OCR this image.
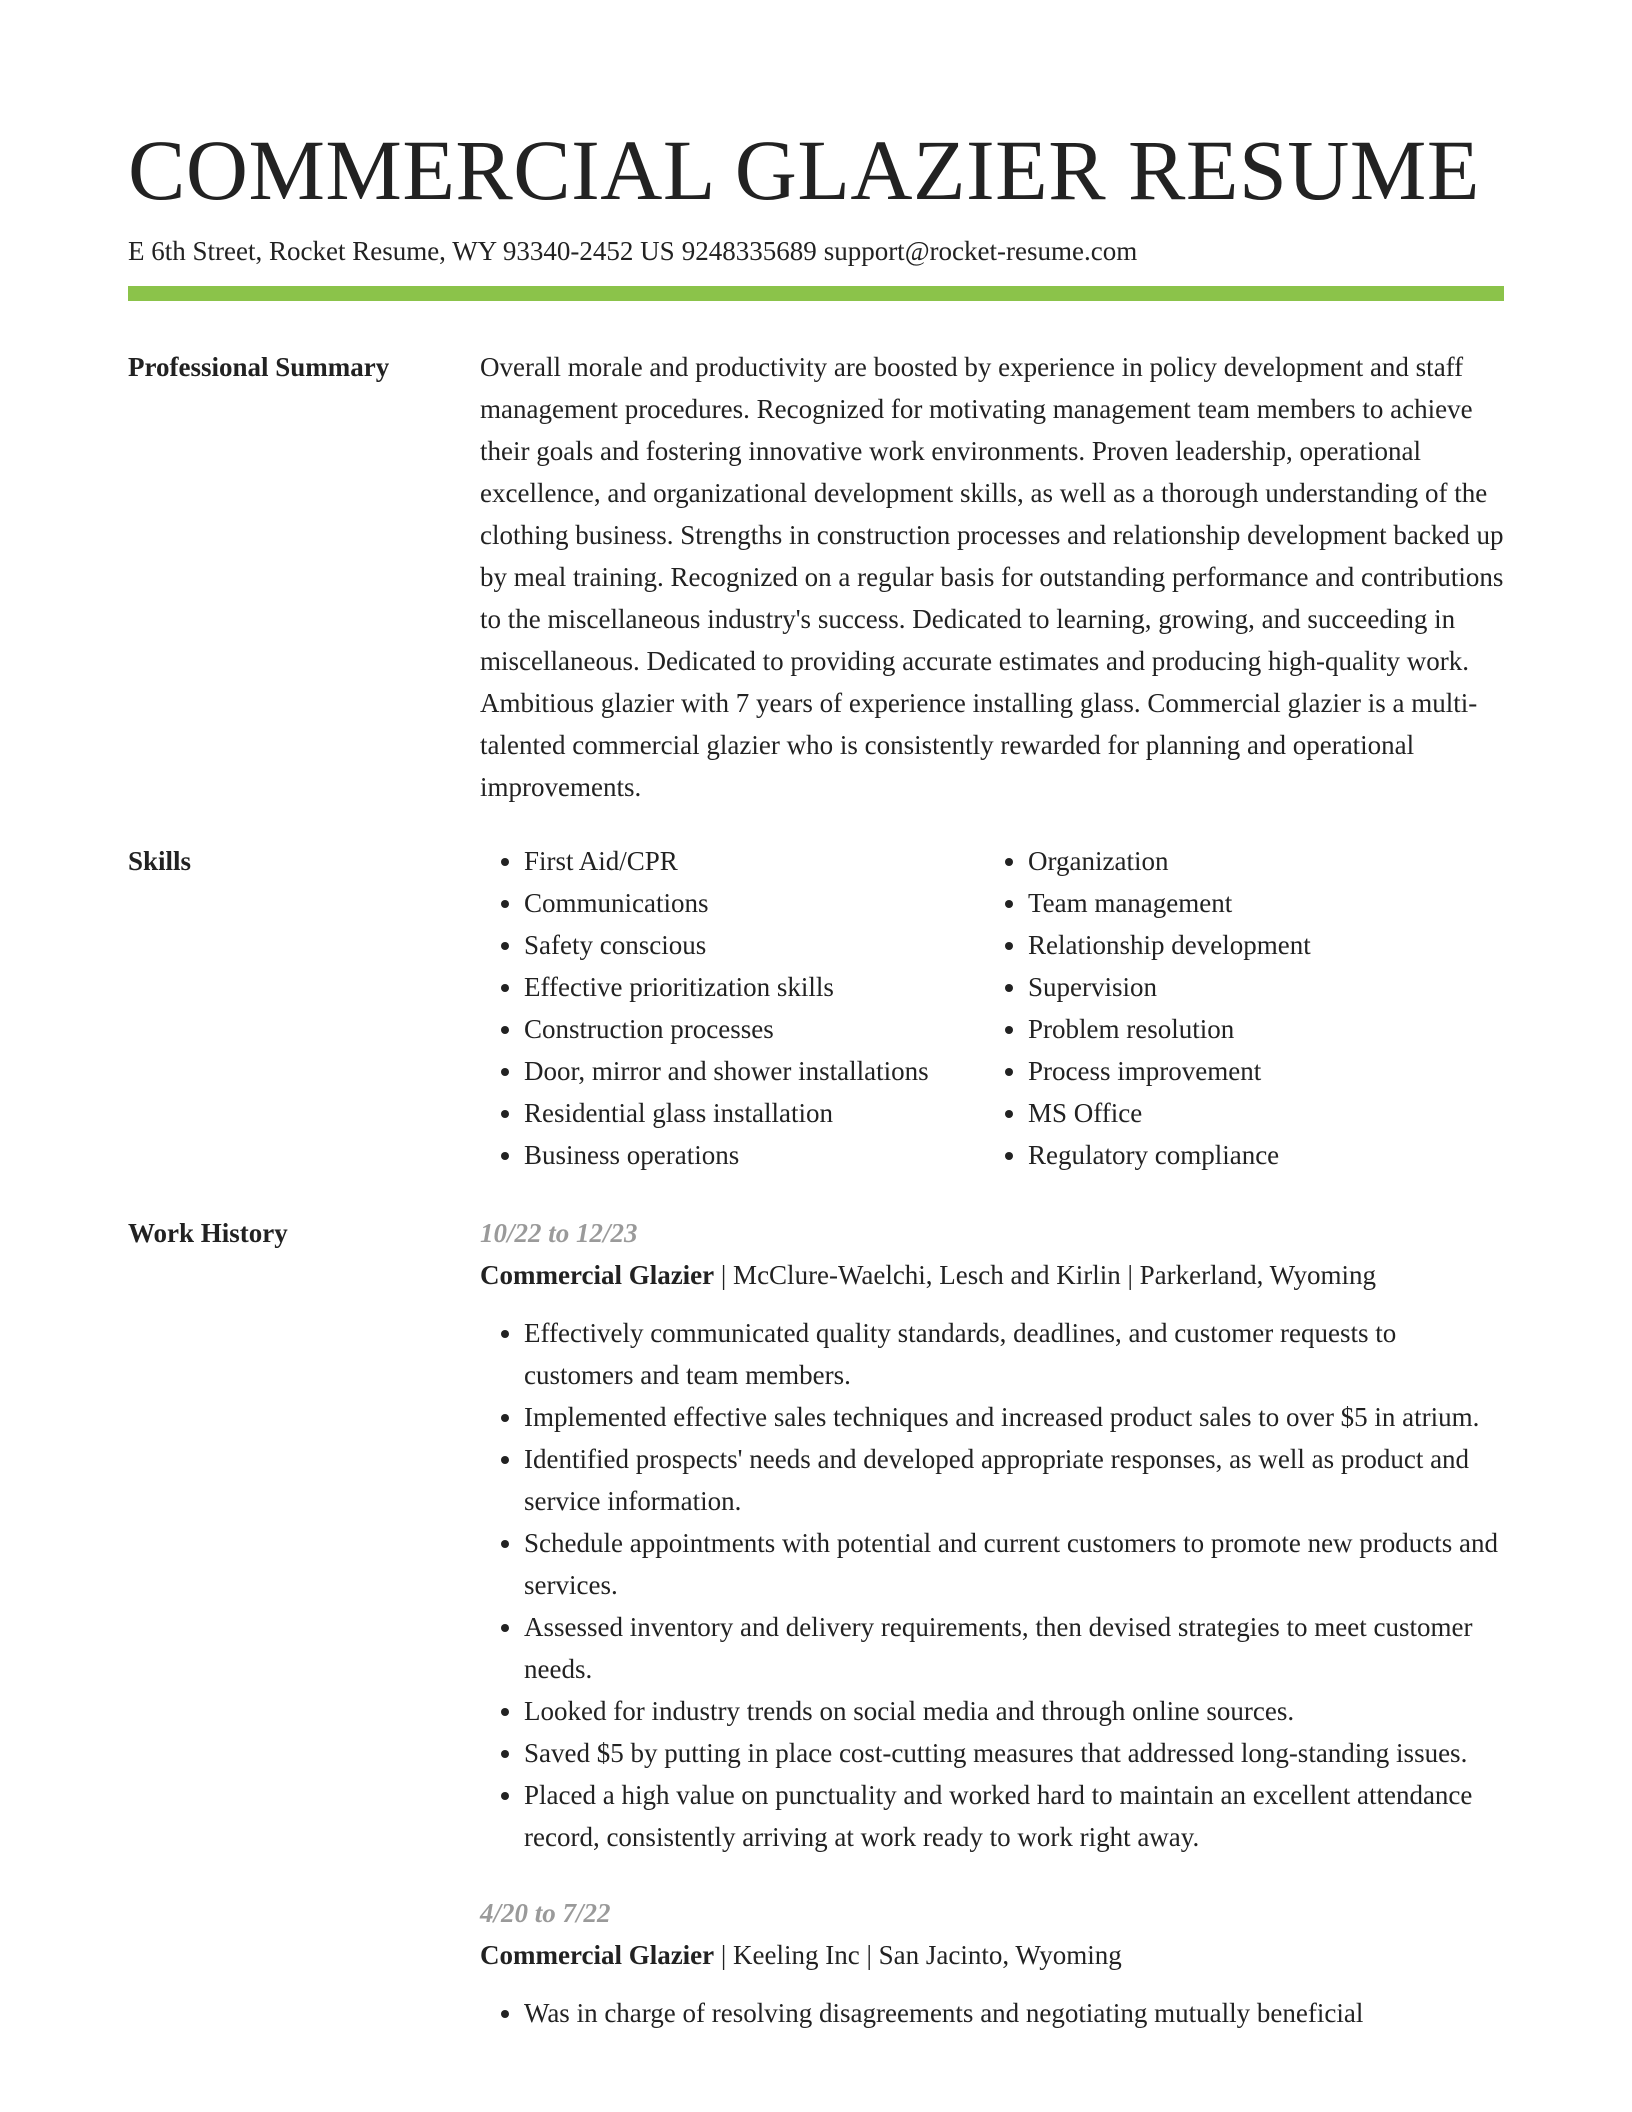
COMMERCIAL GLAZIER RESUME
E 6th Street, Rocket Resume, WY 93340-2452 US 9248335689 support@rocket-resume.com
Professional Summary	Overall morale and productivity are boosted by experience in policy development and staff management procedures. Recognized for motivating management team members to achieve their goals and fostering innovative work environments. Proven leadership, operational excellence, and organizational development skills, as well as a thorough understanding of the clothing business. Strengths in construction processes and relationship development backed up by meal training. Recognized on a regular basis for outstanding performance and contributions to the miscellaneous industry's success. Dedicated to learning, growing, and succeeding in miscellaneous. Dedicated to providing accurate estimates and producing high-quality work. Ambitious glazier with 7 years of experience installing glass. Commercial glazier is a multi-talented commercial glazier who is consistently rewarded for planning and operational improvements.

Skills
•	First Aid/CPR
• Communications
• Safety conscious
• Effective prioritization skills
• Construction processes
• Door, mirror and shower installations
• Residential glass installation
• Business operations
• Organization
• Team management
• Relationship development
• Supervision
• Problem resolution
• Process improvement
• MS Office
• Regulatory compliance
Work History	10/22 to 12/23
Commercial Glazier | McClure-Waelchi, Lesch and Kirlin | Parkerland, Wyoming
• Effectively communicated quality standards, deadlines, and customer requests to customers and team members.
• Implemented effective sales techniques and increased product sales to over $5 in atrium.
• Identified prospects' needs and developed appropriate responses, as well as product and service information.
• Schedule appointments with potential and current customers to promote new products and services.
• Assessed inventory and delivery requirements, then devised strategies to meet customer needs.
• Looked for industry trends on social media and through online sources.
• Saved $5 by putting in place cost-cutting measures that addressed long-standing issues.
• Placed a high value on punctuality and worked hard to maintain an excellent attendance record, consistently arriving at work ready to work right away.
4/20 to 7/22
Commercial Glazier | Keeling Inc | San Jacinto, Wyoming
• Was in charge of resolving disagreements and negotiating mutually beneficial
